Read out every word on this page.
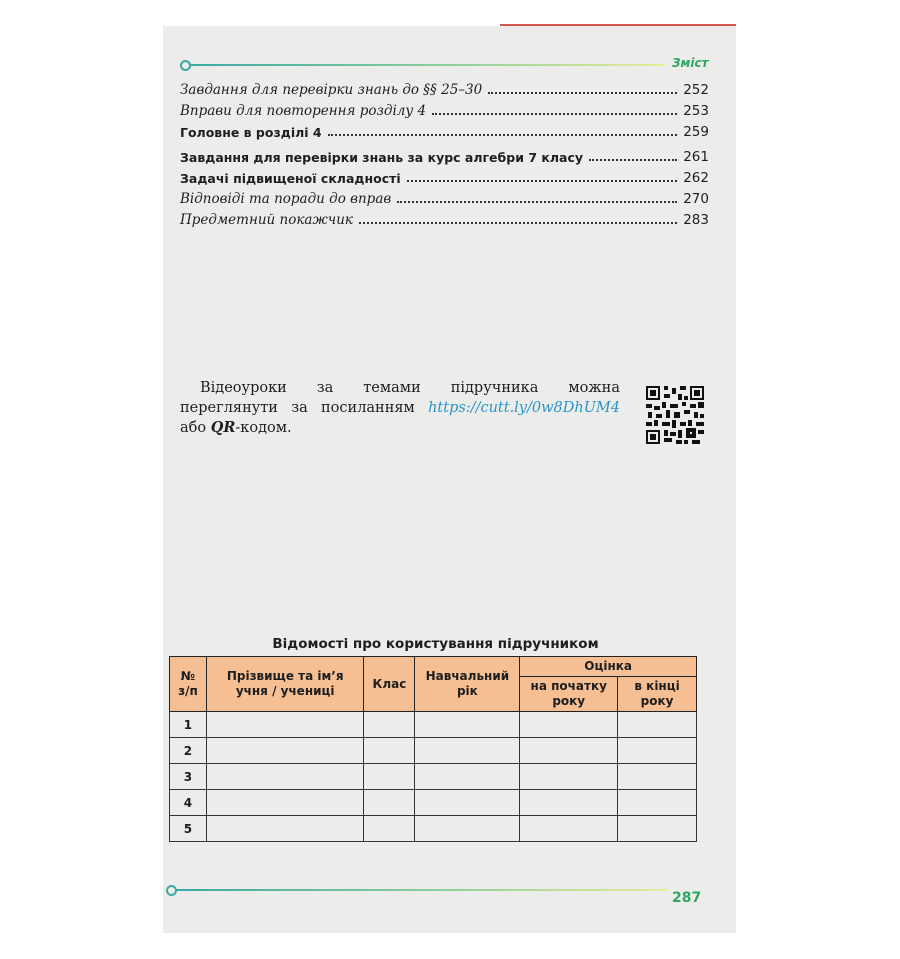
Зміст
Завдання для перевірки знань до §§ 25–30	252
Вправи для повторення розділу 4	253
Головне в розділі 4	259
Завдання для перевірки знань за курс алгебри 7 класу	261
Задачі підвищеної складності	262
Відповіді та поради до вправ	270
Предметний покажчик	283
Відеоуроки за темами підручника можна переглянути за посиланням https://cutt.ly/0w8DhUM4 або QR-кодом.
Відомості про користування підручником
№ з/п	Прізвище та ім’я учня / учениці	Клас	Навчальний рік	Оцінка	
				на початку року	в кінці року
1					
2					
3					
4					
5					
287
